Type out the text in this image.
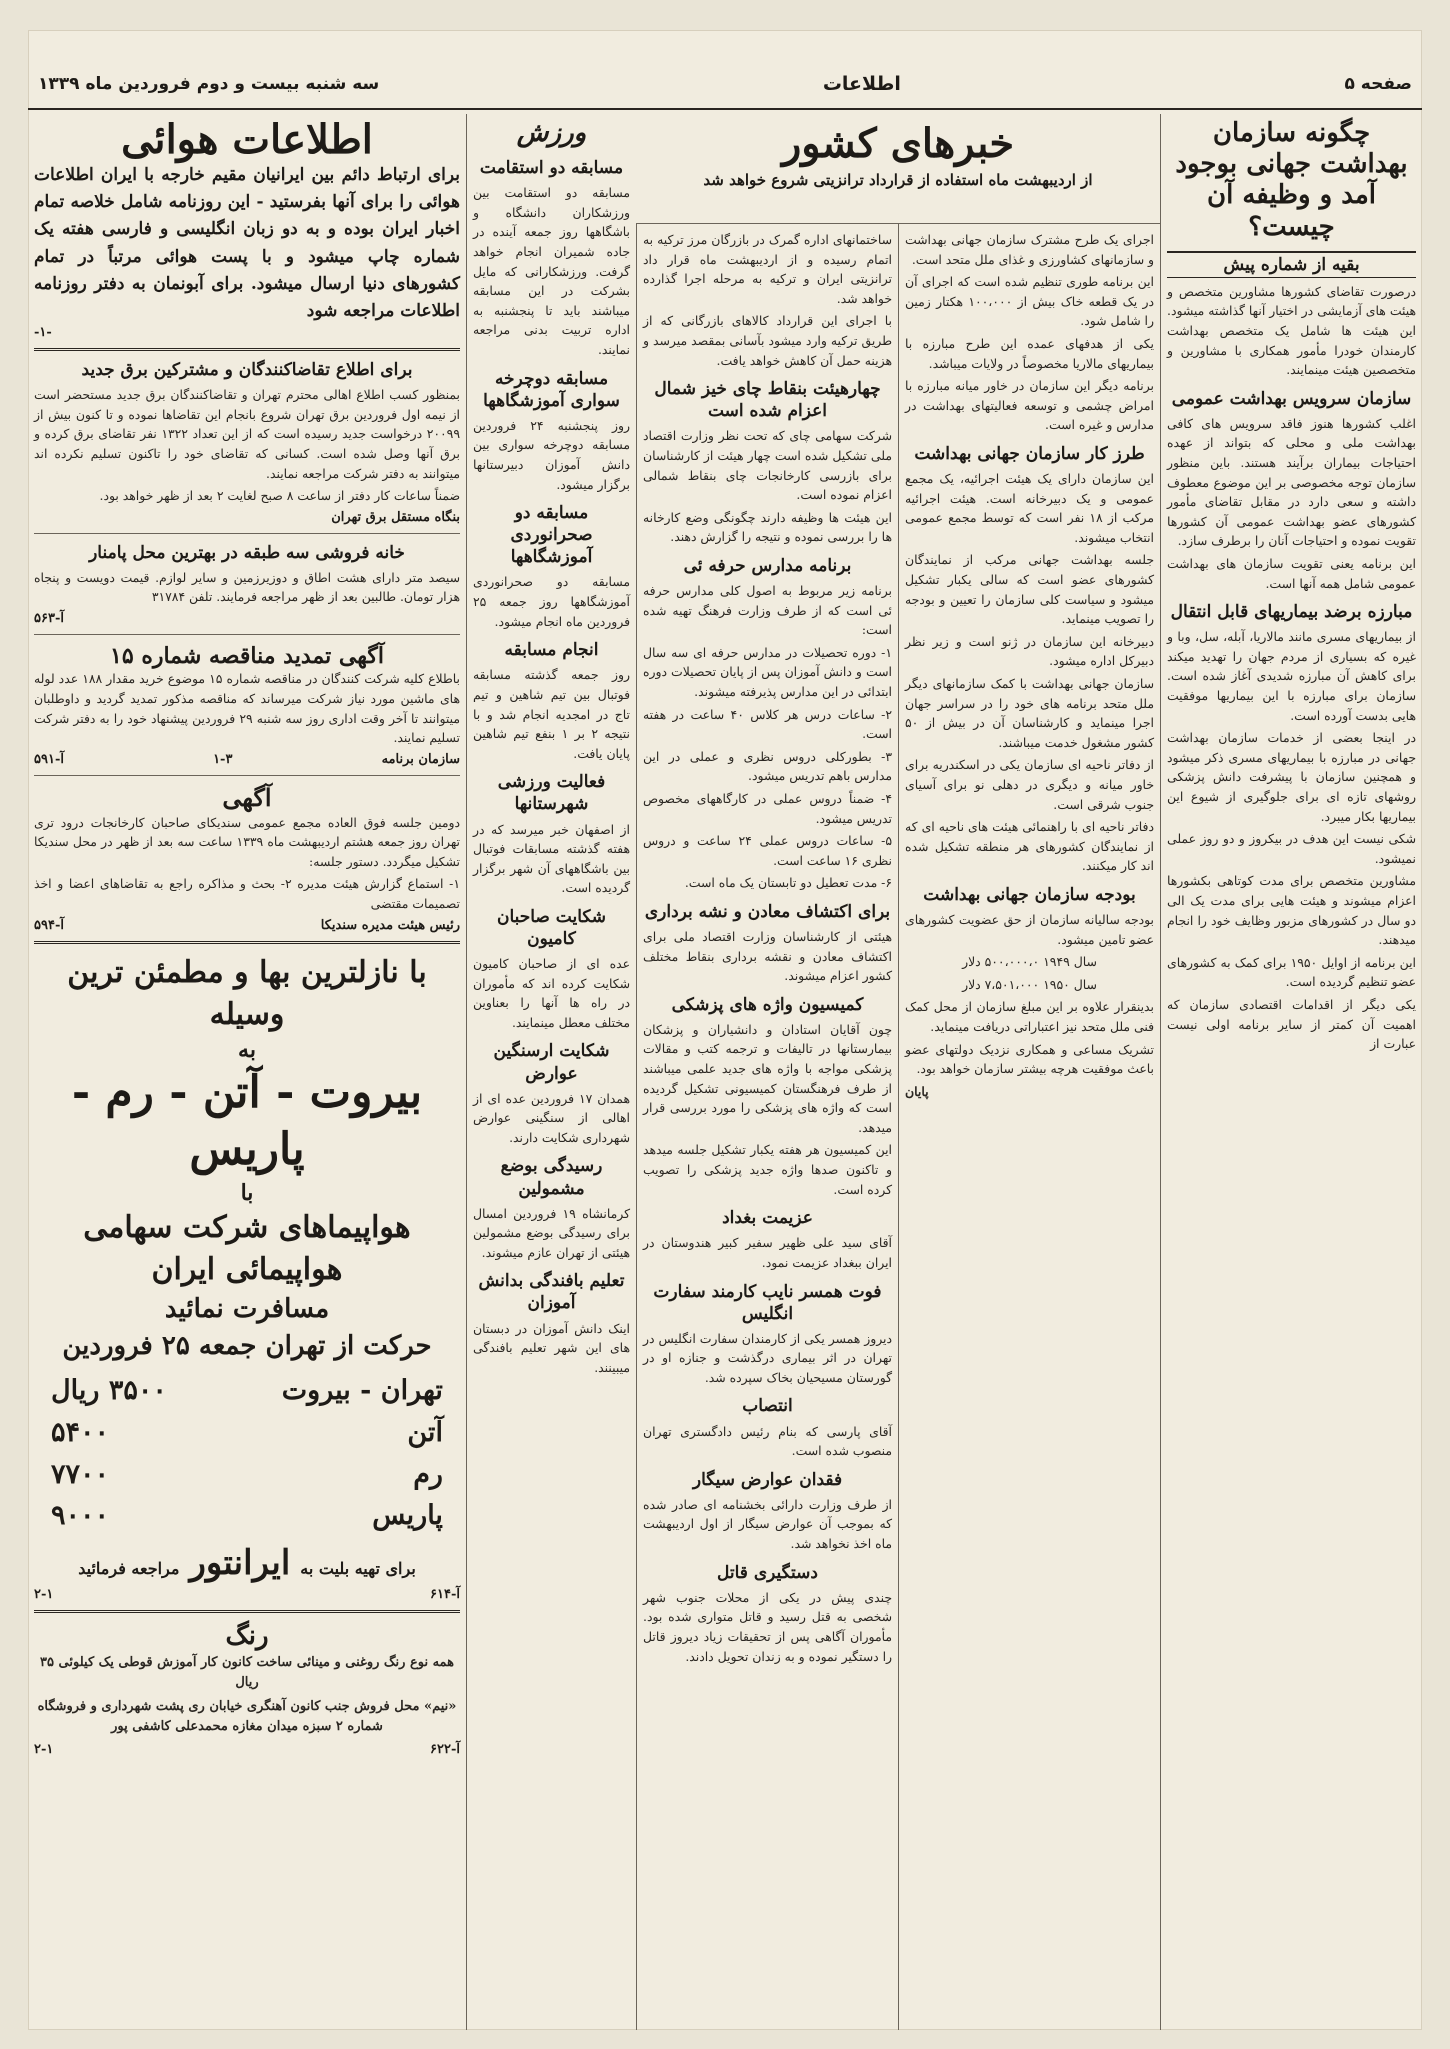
صفحه ۵
اطلاعات
سه شنبه بیست و دوم فروردین ماه ۱۳۳۹
چگونه سازمان بهداشت جهانی بوجود آمد و وظیفه آن چیست؟
بقیه از شماره پیش

درصورت تقاضای کشورها مشاورین متخصص و هیئت های آزمایشی در اختیار آنها گذاشته میشود. این هیئت ها شامل یک متخصص بهداشت کارمندان خودرا مأمور همکاری با مشاورین و متخصصین هیئت مینمایند.

سازمان سرویس بهداشت عمومی

اغلب کشورها هنوز فاقد سرویس های کافی بهداشت ملی و محلی که بتواند از عهده احتیاجات بیماران برآیند هستند. باین منظور سازمان توجه مخصوصی بر این موضوع معطوف داشته و سعی دارد در مقابل تقاضای مأمور کشورهای عضو بهداشت عمومی آن کشورها تقویت نموده و احتیاجات آنان را برطرف سازد.

این برنامه یعنی تقویت سازمان های بهداشت عمومی شامل همه آنها است.

مبارزه برضد بیماریهای قابل انتقال

از بیماریهای مسری مانند مالاریا، آبله، سل، وبا و غیره که بسیاری از مردم جهان را تهدید میکند برای کاهش آن مبارزه شدیدی آغاز شده است. سازمان برای مبارزه با این بیماریها موفقیت هایی بدست آورده است.

در اینجا بعضی از خدمات سازمان بهداشت جهانی در مبارزه با بیماریهای مسری ذکر میشود و همچنین سازمان با پیشرفت دانش پزشکی روشهای تازه ای برای جلوگیری از شیوع این بیماریها بکار میبرد.

شکی نیست این هدف در بیکروز و دو روز عملی نمیشود.

مشاورین متخصص برای مدت کوتاهی بکشورها اعزام میشوند و هیئت هایی برای مدت یک الی دو سال در کشورهای مزبور وظایف خود را انجام میدهند.

این برنامه از اوایل ۱۹۵۰ برای کمک به کشورهای عضو تنظیم گردیده است.

یکی دیگر از اقدامات اقتصادی سازمان که اهمیت آن کمتر از سایر برنامه اولی نیست عبارت از

خبرهای کشور
از اردیبهشت ماه استفاده از قرارداد ترانزیتی شروع خواهد شد

اجرای یک طرح مشترک سازمان جهانی بهداشت و سازمانهای کشاورزی و غذای ملل متحد است.

این برنامه طوری تنظیم شده است که اجرای آن در یک قطعه خاک بیش از ۱۰۰،۰۰۰ هکتار زمین را شامل شود.

یکی از هدفهای عمده این طرح مبارزه با بیماریهای مالاریا مخصوصاً در ولایات میباشد.

برنامه دیگر این سازمان در خاور میانه مبارزه با امراض چشمی و توسعه فعالیتهای بهداشت در مدارس و غیره است.

طرز کار سازمان جهانی بهداشت

این سازمان دارای یک هیئت اجرائیه، یک مجمع عمومی و یک دبیرخانه است. هیئت اجرائیه مرکب از ۱۸ نفر است که توسط مجمع عمومی انتخاب میشوند.

جلسه بهداشت جهانی مرکب از نمایندگان کشورهای عضو است که سالی یکبار تشکیل میشود و سیاست کلی سازمان را تعیین و بودجه را تصویب مینماید.

دبیرخانه این سازمان در ژنو است و زیر نظر دبیرکل اداره میشود.

سازمان جهانی بهداشت با کمک سازمانهای دیگر ملل متحد برنامه های خود را در سراسر جهان اجرا مینماید و کارشناسان آن در بیش از ۵۰ کشور مشغول خدمت میباشند.

از دفاتر ناحیه ای سازمان یکی در اسکندریه برای خاور میانه و دیگری در دهلی نو برای آسیای جنوب شرقی است.

دفاتر ناحیه ای با راهنمائی هیئت های ناحیه ای که از نمایندگان کشورهای هر منطقه تشکیل شده اند کار میکنند.

بودجه سازمان جهانی بهداشت

بودجه سالیانه سازمان از حق عضویت کشورهای عضو تامین میشود.

سال ۱۹۴۹ ۵۰۰،۰۰۰،۰ دلار

سال ۱۹۵۰ ۷،۵۰۱،۰۰۰ دلار

بدینقرار علاوه بر این مبلغ سازمان از محل کمک فنی ملل متحد نیز اعتباراتی دریافت مینماید.

تشریک مساعی و همکاری نزدیک دولتهای عضو باعث موفقیت هرچه بیشتر سازمان خواهد بود.

پایان

ساختمانهای اداره گمرک در بازرگان مرز ترکیه به اتمام رسیده و از اردیبهشت ماه قرار داد ترانزیتی ایران و ترکیه به مرحله اجرا گذارده خواهد شد.

با اجرای این قرارداد کالاهای بازرگانی که از طریق ترکیه وارد میشود بآسانی بمقصد میرسد و هزینه حمل آن کاهش خواهد یافت.

چهارهیئت بنقاط چای خیز شمال اعزام شده است

شرکت سهامی چای که تحت نظر وزارت اقتصاد ملی تشکیل شده است چهار هیئت از کارشناسان برای بازرسی کارخانجات چای بنقاط شمالی اعزام نموده است.

این هیئت ها وظیفه دارند چگونگی وضع کارخانه ها را بررسی نموده و نتیجه را گزارش دهند.

برنامه مدارس حرفه ئی

برنامه زیر مربوط به اصول کلی مدارس حرفه ئی است که از طرف وزارت فرهنگ تهیه شده است:

۱- دوره تحصیلات در مدارس حرفه ای سه سال است و دانش آموزان پس از پایان تحصیلات دوره ابتدائی در این مدارس پذیرفته میشوند.

۲- ساعات درس هر کلاس ۴۰ ساعت در هفته است.

۳- بطورکلی دروس نظری و عملی در این مدارس باهم تدریس میشود.

۴- ضمناً دروس عملی در کارگاههای مخصوص تدریس میشود.

۵- ساعات دروس عملی ۲۴ ساعت و دروس نظری ۱۶ ساعت است.

۶- مدت تعطیل دو تابستان یک ماه است.

برای اکتشاف معادن و نشه برداری

هیئتی از کارشناسان وزارت اقتصاد ملی برای اکتشاف معادن و نقشه برداری بنقاط مختلف کشور اعزام میشوند.

کمیسیون واژه های پزشکی

چون آقایان استادان و دانشیاران و پزشکان بیمارستانها در تالیفات و ترجمه کتب و مقالات پزشکی مواجه با واژه های جدید علمی میباشند از طرف فرهنگستان کمیسیونی تشکیل گردیده است که واژه های پزشکی را مورد بررسی قرار میدهد.

این کمیسیون هر هفته یکبار تشکیل جلسه میدهد و تاکنون صدها واژه جدید پزشکی را تصویب کرده است.

عزیمت بغداد

آقای سید علی ظهیر سفیر کبیر هندوستان در ایران ببغداد عزیمت نمود.

فوت همسر نایب کارمند سفارت انگلیس

دیروز همسر یکی از کارمندان سفارت انگلیس در تهران در اثر بیماری درگذشت و جنازه او در گورستان مسیحیان بخاک سپرده شد.

انتصاب

آقای پارسی که بنام رئیس دادگستری تهران منصوب شده است.

فقدان عوارض سیگار

از طرف وزارت دارائی بخشنامه ای صادر شده که بموجب آن عوارض سیگار از اول اردیبهشت ماه اخذ نخواهد شد.

دستگیری قاتل

چندی پیش در یکی از محلات جنوب شهر شخصی به قتل رسید و قاتل متواری شده بود. مأموران آگاهی پس از تحقیقات زیاد دیروز قاتل را دستگیر نموده و به زندان تحویل دادند.

ورزش
مسابقه دو استقامت

مسابقه دو استقامت بین ورزشکاران دانشگاه و باشگاهها روز جمعه آینده در جاده شمیران انجام خواهد گرفت. ورزشکارانی که مایل بشرکت در این مسابقه میباشند باید تا پنجشنبه به اداره تربیت بدنی مراجعه نمایند.

مسابقه دوچرخه سواری آموزشگاهها

روز پنجشنبه ۲۴ فروردین مسابقه دوچرخه سواری بین دانش آموزان دبیرستانها برگزار میشود.

مسابقه دو صحرانوردی آموزشگاهها

مسابقه دو صحرانوردی آموزشگاهها روز جمعه ۲۵ فروردین ماه انجام میشود.

انجام مسابقه

روز جمعه گذشته مسابقه فوتبال بین تیم شاهین و تیم تاج در امجدیه انجام شد و با نتیجه ۲ بر ۱ بنفع تیم شاهین پایان یافت.

فعالیت ورزشی شهرستانها

از اصفهان خبر میرسد که در هفته گذشته مسابقات فوتبال بین باشگاههای آن شهر برگزار گردیده است.

شکایت صاحبان کامیون

عده ای از صاحبان کامیون شکایت کرده اند که مأموران در راه ها آنها را بعناوین مختلف معطل مینمایند.

شکایت ارسنگین عوارض

همدان ۱۷ فروردین عده ای از اهالی از سنگینی عوارض شهرداری شکایت دارند.

رسیدگی بوضع مشمولین

کرمانشاه ۱۹ فروردین امسال برای رسیدگی بوضع مشمولین هیئتی از تهران عازم میشوند.

تعلیم بافندگی بدانش آموزان

اینک دانش آموزان در دبستان های این شهر تعلیم بافندگی میبینند.

اطلاعات هوائی
برای ارتباط دائم بین ایرانیان مقیم خارجه با ایران اطلاعات هوائی را برای آنها بفرستید - این روزنامه شامل خلاصه تمام اخبار ایران بوده و به دو زبان انگلیسی و فارسی هفته یک شماره چاپ میشود و با پست هوائی مرتباً در تمام کشورهای دنیا ارسال میشود. برای آبونمان به دفتر روزنامه اطلاعات مراجعه شود
-۱-
برای اطلاع تقاضاکنندگان و مشترکین برق جدید

بمنظور کسب اطلاع اهالی محترم تهران و تقاضاکنندگان برق جدید مستحضر است از نیمه اول فروردین برق تهران شروع بانجام این تقاضاها نموده و تا کنون بیش از ۲۰۰۹۹ درخواست جدید رسیده است که از این تعداد ۱۳۲۲ نفر تقاضای برق کرده و برق آنها وصل شده است. کسانی که تقاضای خود را تاکنون تسلیم نکرده اند میتوانند به دفتر شرکت مراجعه نمایند.

ضمناً ساعات کار دفتر از ساعت ۸ صبح لغایت ۲ بعد از ظهر خواهد بود.

بنگاه مستقل برق تهران
خانه فروشی سه طبقه در بهترین محل پامنار

سیصد متر دارای هشت اطاق و دوزیرزمین و سایر لوازم. قیمت دویست و پنجاه هزار تومان. طالبین بعد از ظهر مراجعه فرمایند. تلفن ۳۱۷۸۴

آ-۵۶۳
آگهی تمدید مناقصه شماره ۱۵

باطلاع کلیه شرکت کنندگان در مناقصه شماره ۱۵ موضوع خرید مقدار ۱۸۸ عدد لوله های ماشین مورد نیاز شرکت میرساند که مناقصه مذکور تمدید گردید و داوطلبان میتوانند تا آخر وقت اداری روز سه شنبه ۲۹ فروردین پیشنهاد خود را به دفتر شرکت تسلیم نمایند.

سازمان برنامه
۱-۳
آ-۵۹۱
آگهی

دومین جلسه فوق العاده مجمع عمومی سندیکای صاحبان کارخانجات درود تری تهران روز جمعه هشتم اردیبهشت ماه ۱۳۳۹ ساعت سه بعد از ظهر در محل سندیکا تشکیل میگردد. دستور جلسه:

۱- استماع گزارش هیئت مدیره ۲- بحث و مذاکره راجع به تقاضاهای اعضا و اخذ تصمیمات مقتضی

رئیس هیئت مدیره سندیکا
آ-۵۹۴
با نازلترین بها و مطمئن ترین وسیله
به
بیروت - آتن - رم - پاریس
با
هواپیماهای شرکت سهامی هواپیمائی ایران
مسافرت نمائید
حرکت از تهران جمعه ۲۵ فروردین
تهران - بیروت
۳۵۰۰ ریال
آتن
۵۴۰۰
رم
۷۷۰۰
پاریس
۹۰۰۰
برای تهیه بلیت به
ایرانتور
مراجعه فرمائید
آ-۶۱۴
۲-۱
رنگ

همه نوع رنگ روغنی و مینائی ساخت کانون کار آموزش قوطی یک کیلوئی ۳۵ ریال

«نیم» محل فروش جنب کانون آهنگری خیابان ری پشت شهرداری و فروشگاه شماره ۲ سبزه میدان مغازه محمدعلی کاشفی پور

آ-۶۲۲
۲-۱
